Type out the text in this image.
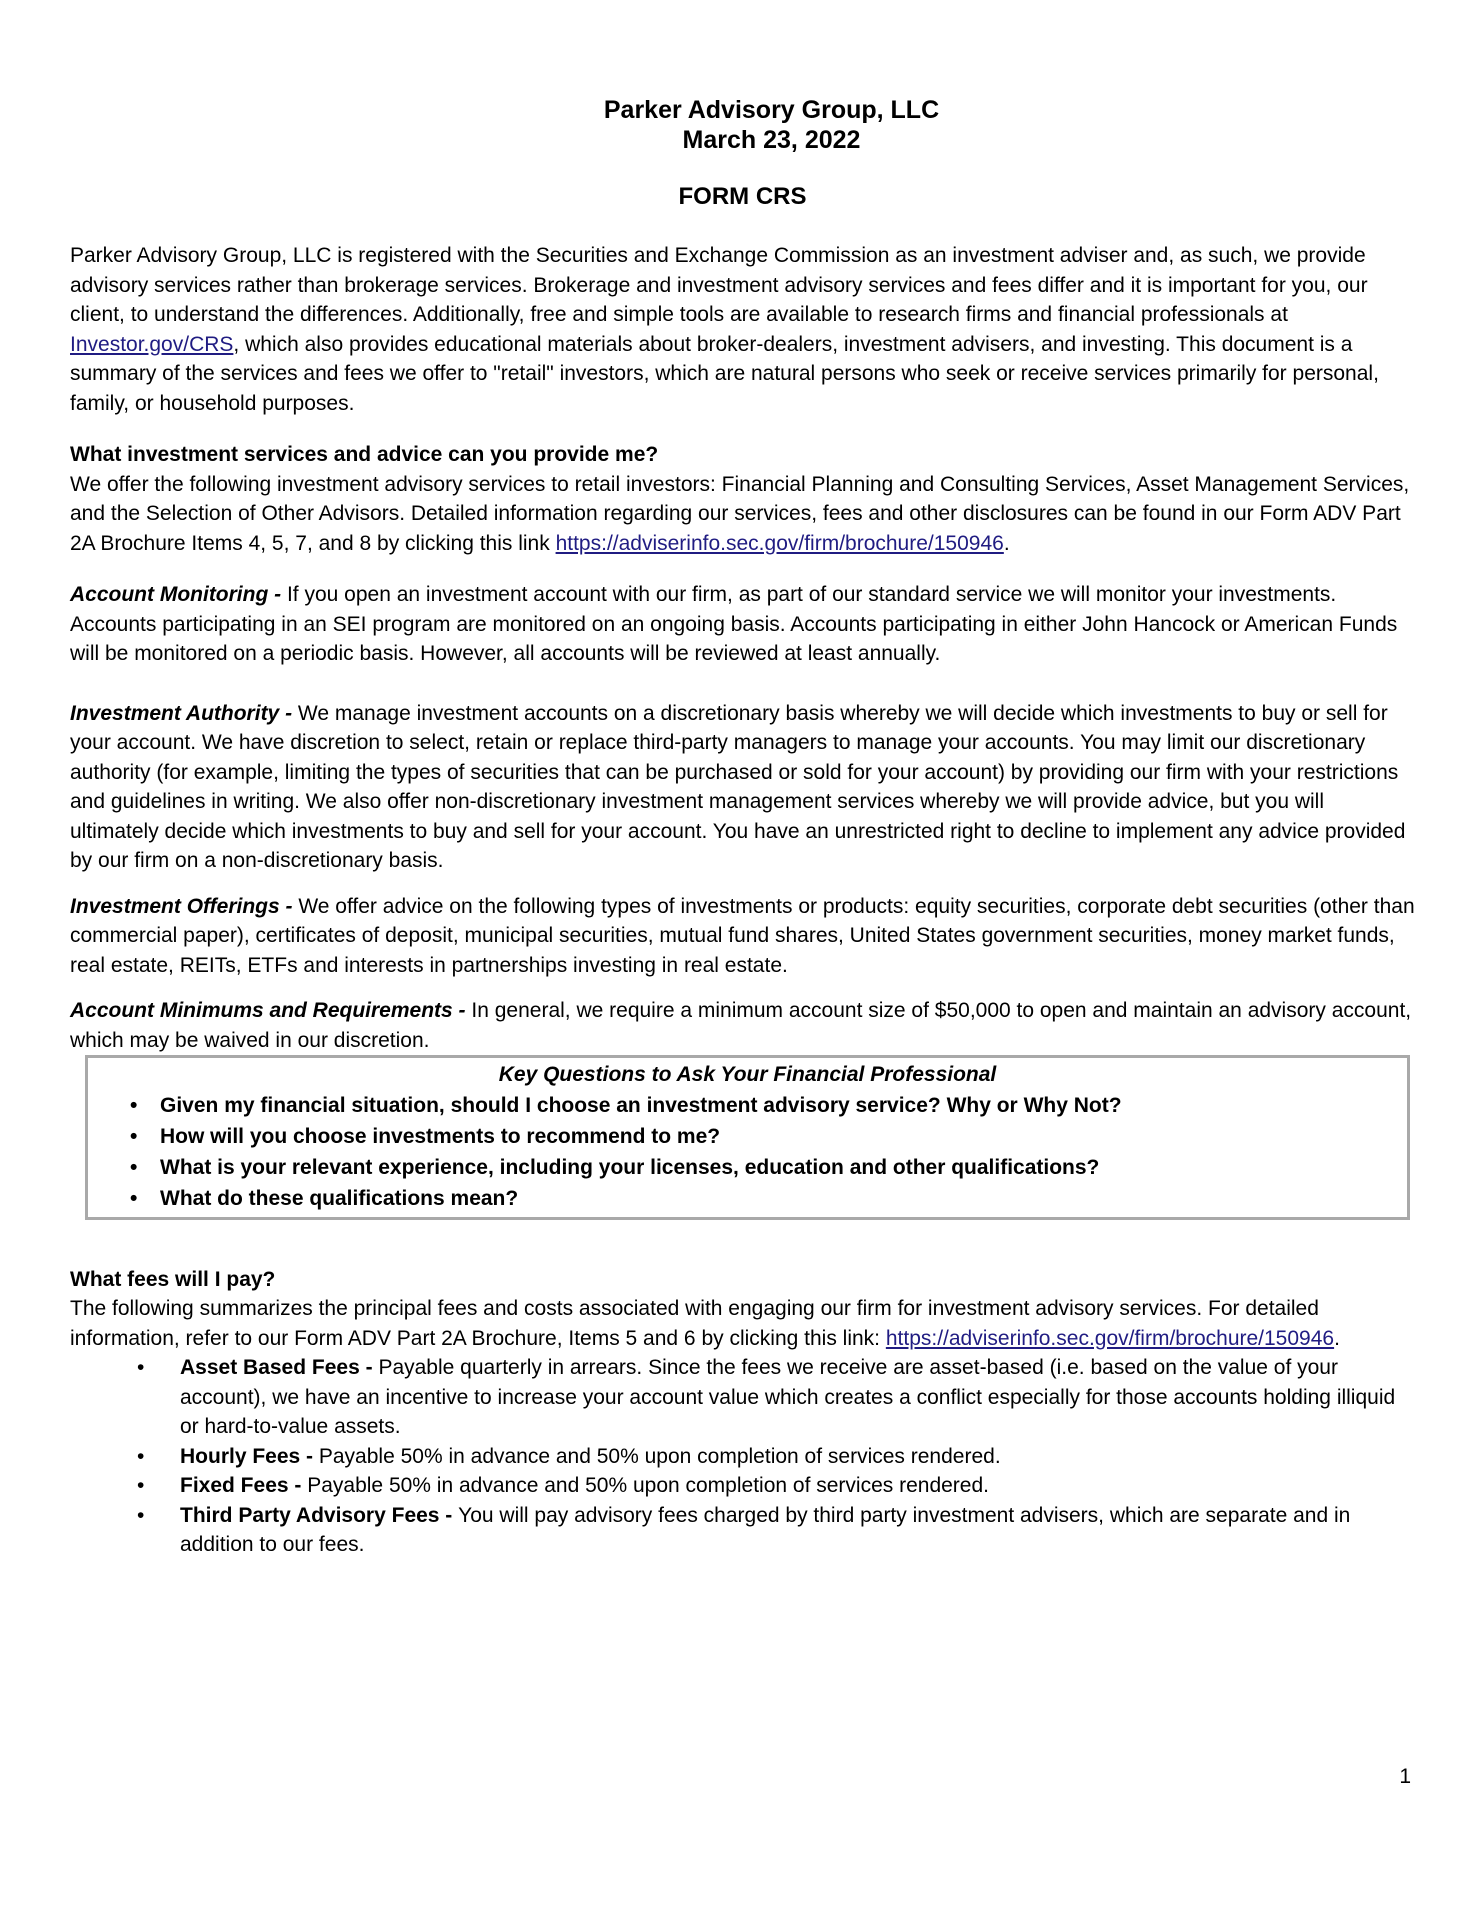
Parker Advisory Group, LLC
March 23, 2022
FORM CRS
Parker Advisory Group, LLC is registered with the Securities and Exchange Commission as an investment adviser and, as such, we provide advisory services rather than brokerage services. Brokerage and investment advisory services and fees differ and it is important for you, our client, to understand the differences. Additionally, free and simple tools are available to research firms and financial professionals at Investor.gov/CRS, which also provides educational materials about broker-dealers, investment advisers, and investing. This document is a summary of the services and fees we offer to "retail" investors, which are natural persons who seek or receive services primarily for personal, family, or household purposes.
What investment services and advice can you provide me?
We offer the following investment advisory services to retail investors: Financial Planning and Consulting Services, Asset Management Services, and the Selection of Other Advisors. Detailed information regarding our services, fees and other disclosures can be found in our Form ADV Part 2A Brochure Items 4, 5, 7, and 8 by clicking this link https://adviserinfo.sec.gov/firm/brochure/150946.
Account Monitoring - If you open an investment account with our firm, as part of our standard service we will monitor your investments. Accounts participating in an SEI program are monitored on an ongoing basis. Accounts participating in either John Hancock or American Funds will be monitored on a periodic basis. However, all accounts will be reviewed at least annually.
Investment Authority - We manage investment accounts on a discretionary basis whereby we will decide which investments to buy or sell for your account. We have discretion to select, retain or replace third-party managers to manage your accounts. You may limit our discretionary authority (for example, limiting the types of securities that can be purchased or sold for your account) by providing our firm with your restrictions and guidelines in writing. We also offer non-discretionary investment management services whereby we will provide advice, but you will ultimately decide which investments to buy and sell for your account. You have an unrestricted right to decline to implement any advice provided by our firm on a non-discretionary basis.
Investment Offerings - We offer advice on the following types of investments or products: equity securities, corporate debt securities (other than commercial paper), certificates of deposit, municipal securities, mutual fund shares, United States government securities, money market funds, real estate, REITs, ETFs and interests in partnerships investing in real estate.
Account Minimums and Requirements - In general, we require a minimum account size of $50,000 to open and maintain an advisory account, which may be waived in our discretion.
Key Questions to Ask Your Financial Professional
• Given my financial situation, should I choose an investment advisory service? Why or Why Not?
• How will you choose investments to recommend to me?
• What is your relevant experience, including your licenses, education and other qualifications?
• What do these qualifications mean?
What fees will I pay?
The following summarizes the principal fees and costs associated with engaging our firm for investment advisory services. For detailed information, refer to our Form ADV Part 2A Brochure, Items 5 and 6 by clicking this link: https://adviserinfo.sec.gov/firm/brochure/150946.
• Asset Based Fees - Payable quarterly in arrears. Since the fees we receive are asset-based (i.e. based on the value of your account), we have an incentive to increase your account value which creates a conflict especially for those accounts holding illiquid or hard-to-value assets.
• Hourly Fees - Payable 50% in advance and 50% upon completion of services rendered.
• Fixed Fees - Payable 50% in advance and 50% upon completion of services rendered.
• Third Party Advisory Fees - You will pay advisory fees charged by third party investment advisers, which are separate and in addition to our fees.
1
